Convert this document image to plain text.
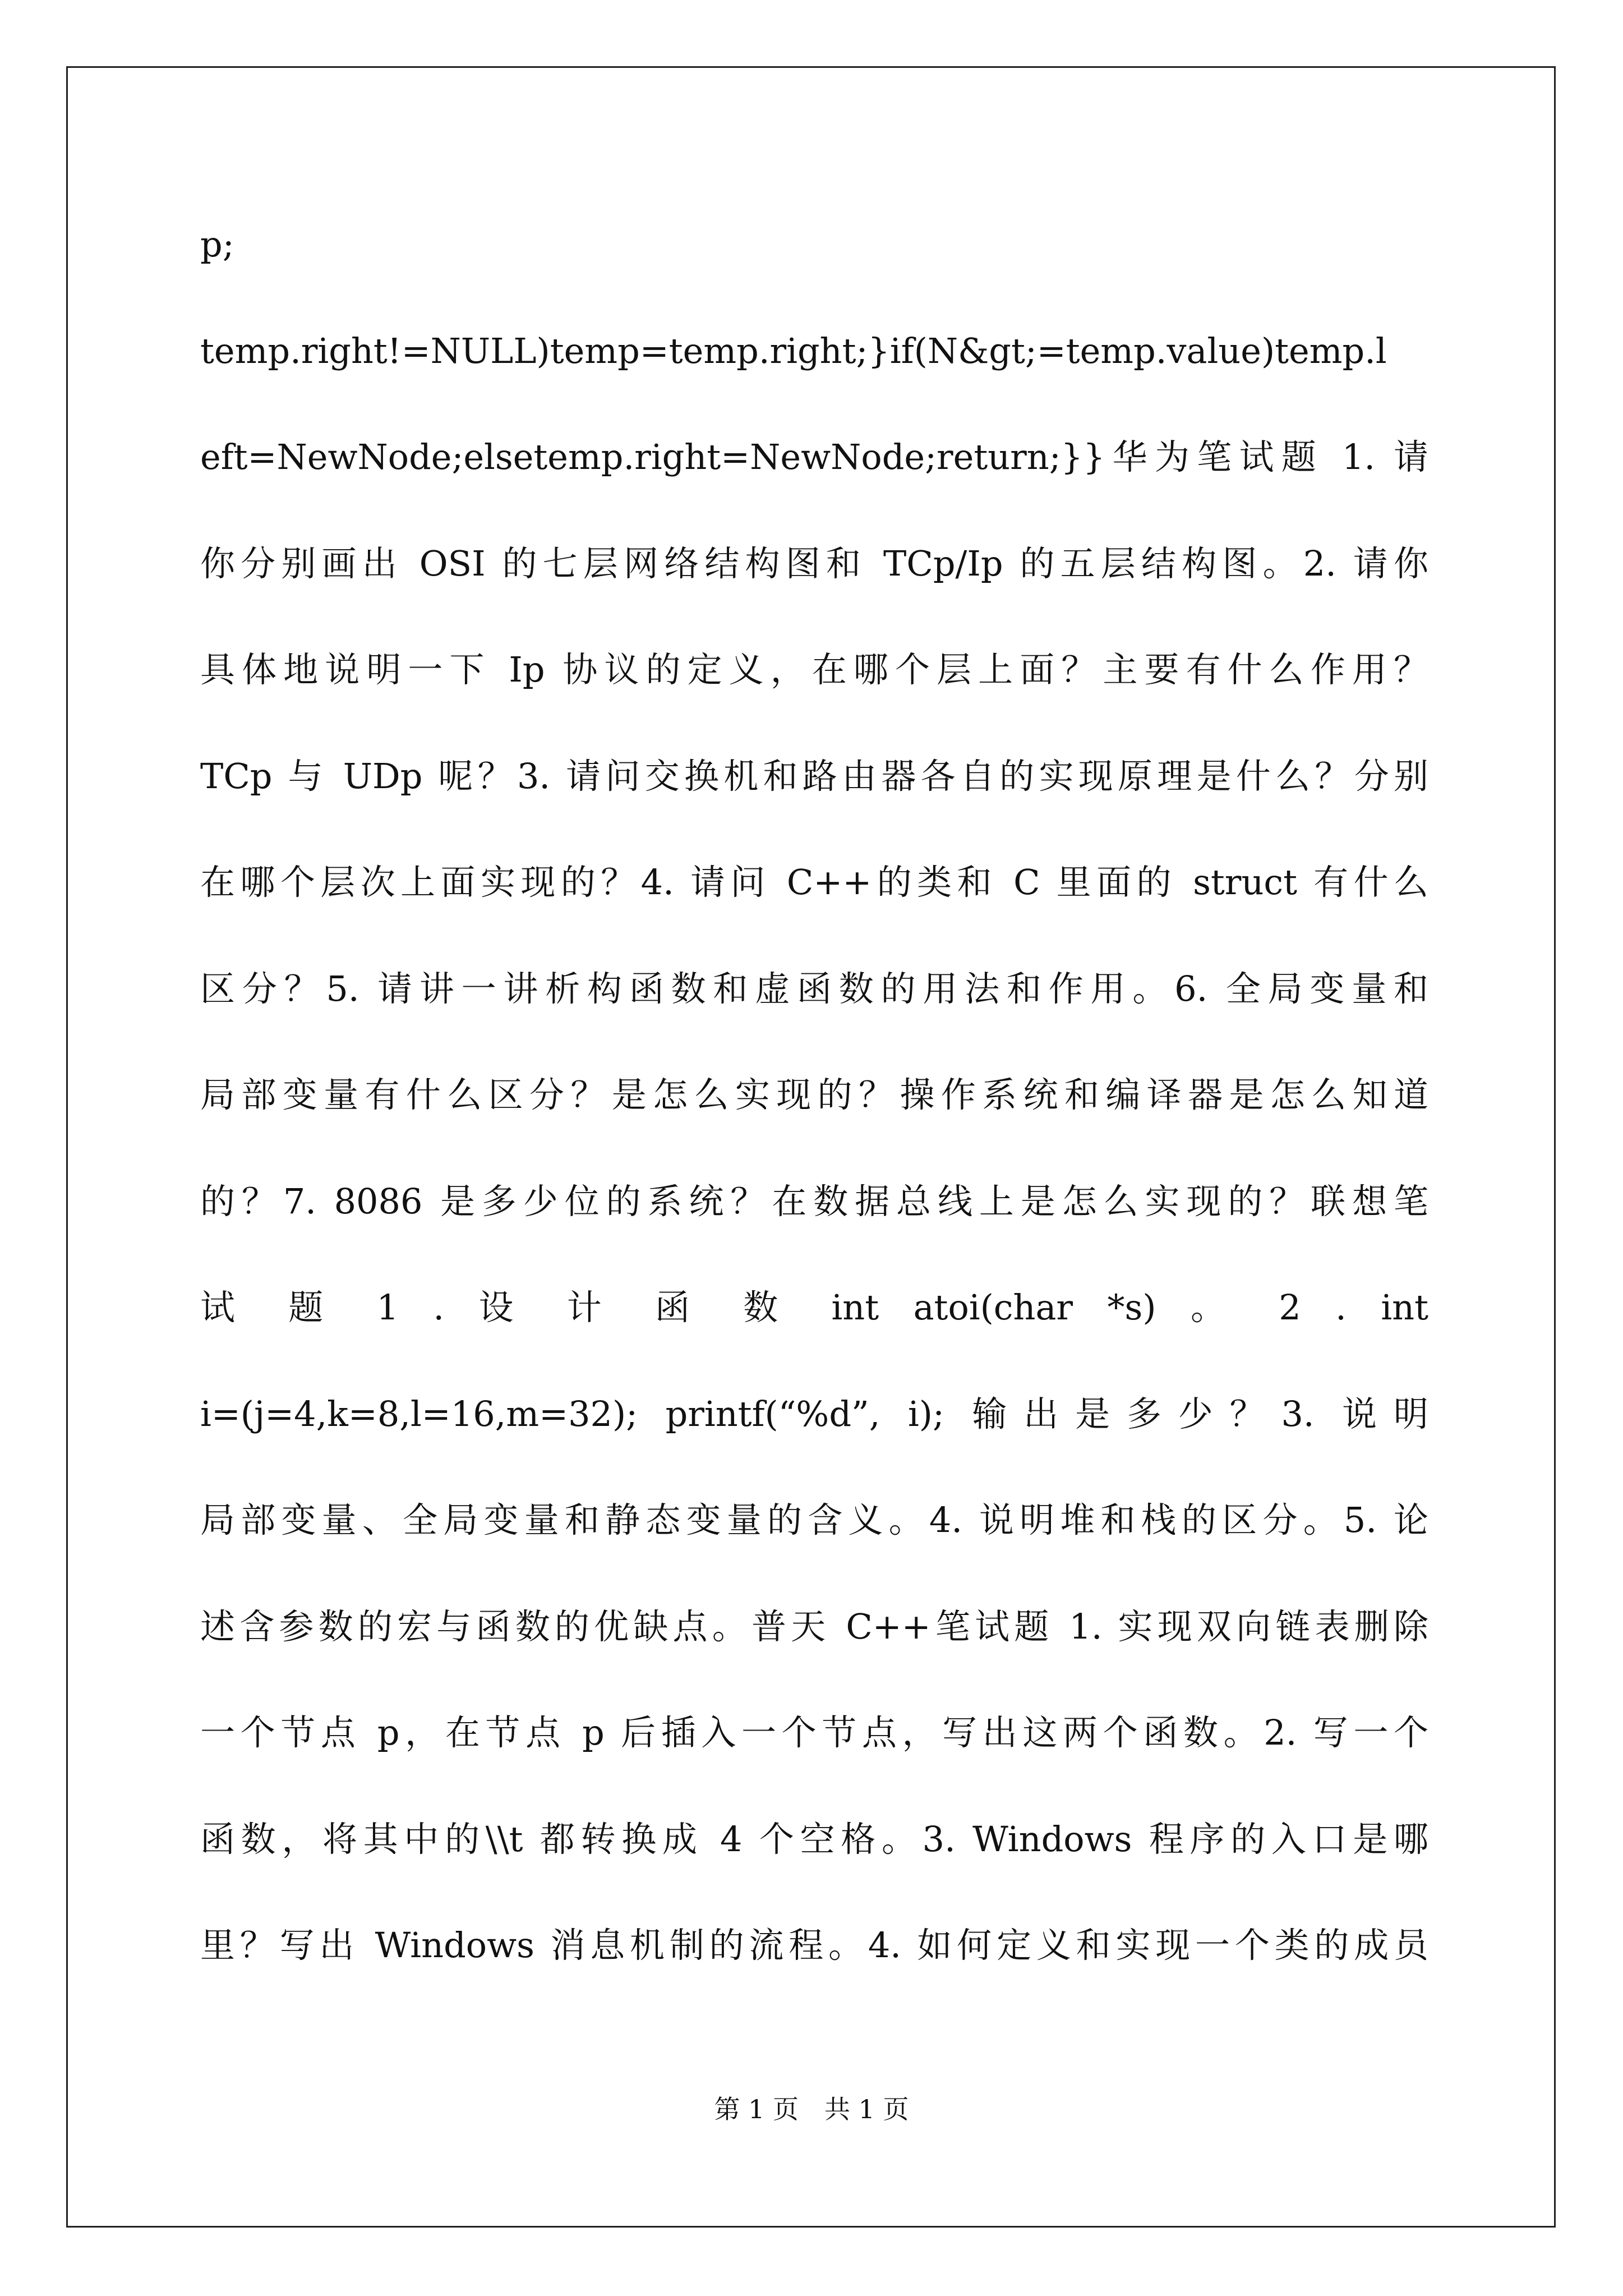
p;
temp.right!=NULL)temp=temp.right;}if(N&gt;=temp.value)temp.l
eft=NewNode;elsetemp.right=NewNode;return;}}华为笔试题 1. 请
你分别画出 OSI 的七层网络结构图和 TCp/Ip 的五层结构图。2. 请你
具体地说明一下 Ip 协议的定义，在哪个层上面？主要有什么作用？
TCp 与 UDp 呢？3. 请问交换机和路由器各自的实现原理是什么？分别
在哪个层次上面实现的？4. 请问 C++的类和 C 里面的 struct 有什么
区分？5. 请讲一讲析构函数和虚函数的用法和作用。6. 全局变量和
局部变量有什么区分？是怎么实现的？操作系统和编译器是怎么知道
的？7. 8086 是多少位的系统？在数据总线上是怎么实现的？联想笔
试 题 1 . 设 计 函 数 int atoi(char *s) 。 2 . int
i=(j=4,k=8,l=16,m=32); printf(“%d”, i); 输出是多少？3. 说明
局部变量、全局变量和静态变量的含义。4. 说明堆和栈的区分。5. 论
述含参数的宏与函数的优缺点。普天 C++笔试题 1. 实现双向链表删除
一个节点 p，在节点 p 后插入一个节点，写出这两个函数。2. 写一个
函数，将其中的\\t 都转换成 4 个空格。3. Windows 程序的入口是哪
里？写出 Windows 消息机制的流程。4. 如何定义和实现一个类的成员
第 1 页　共 1 页
